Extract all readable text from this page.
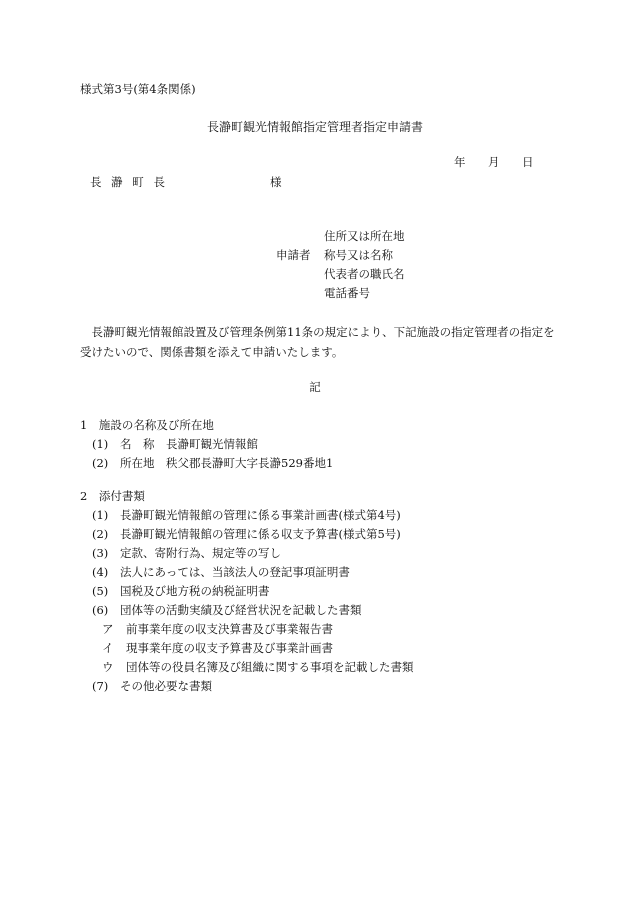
様式第3号(第4条関係)
長瀞町観光情報館指定管理者指定申請書
年 月 日
長 瀞 町 長	様
申請者
住所又は所在地
称号又は名称
代表者の職氏名
電話番号
長瀞町観光情報館設置及び管理条例第11条の規定により、下記施設の指定管理者の指定を受けたいので、関係書類を添えて申請いたします。
記
1　施設の名称及び所在地
(1) 名　称　長瀞町観光情報館
(2) 所在地　秩父郡長瀞町大字長瀞529番地1
2　添付書類
(1) 長瀞町観光情報館の管理に係る事業計画書(様式第4号)
(2) 長瀞町観光情報館の管理に係る収支予算書(様式第5号)
(3) 定款、寄附行為、規定等の写し
(4) 法人にあっては、当該法人の登記事項証明書
(5) 国税及び地方税の納税証明書
(6) 団体等の活動実績及び経営状況を記載した書類
ア 前事業年度の収支決算書及び事業報告書
イ 現事業年度の収支予算書及び事業計画書
ウ 団体等の役員名簿及び組織に関する事項を記載した書類
(7) その他必要な書類
